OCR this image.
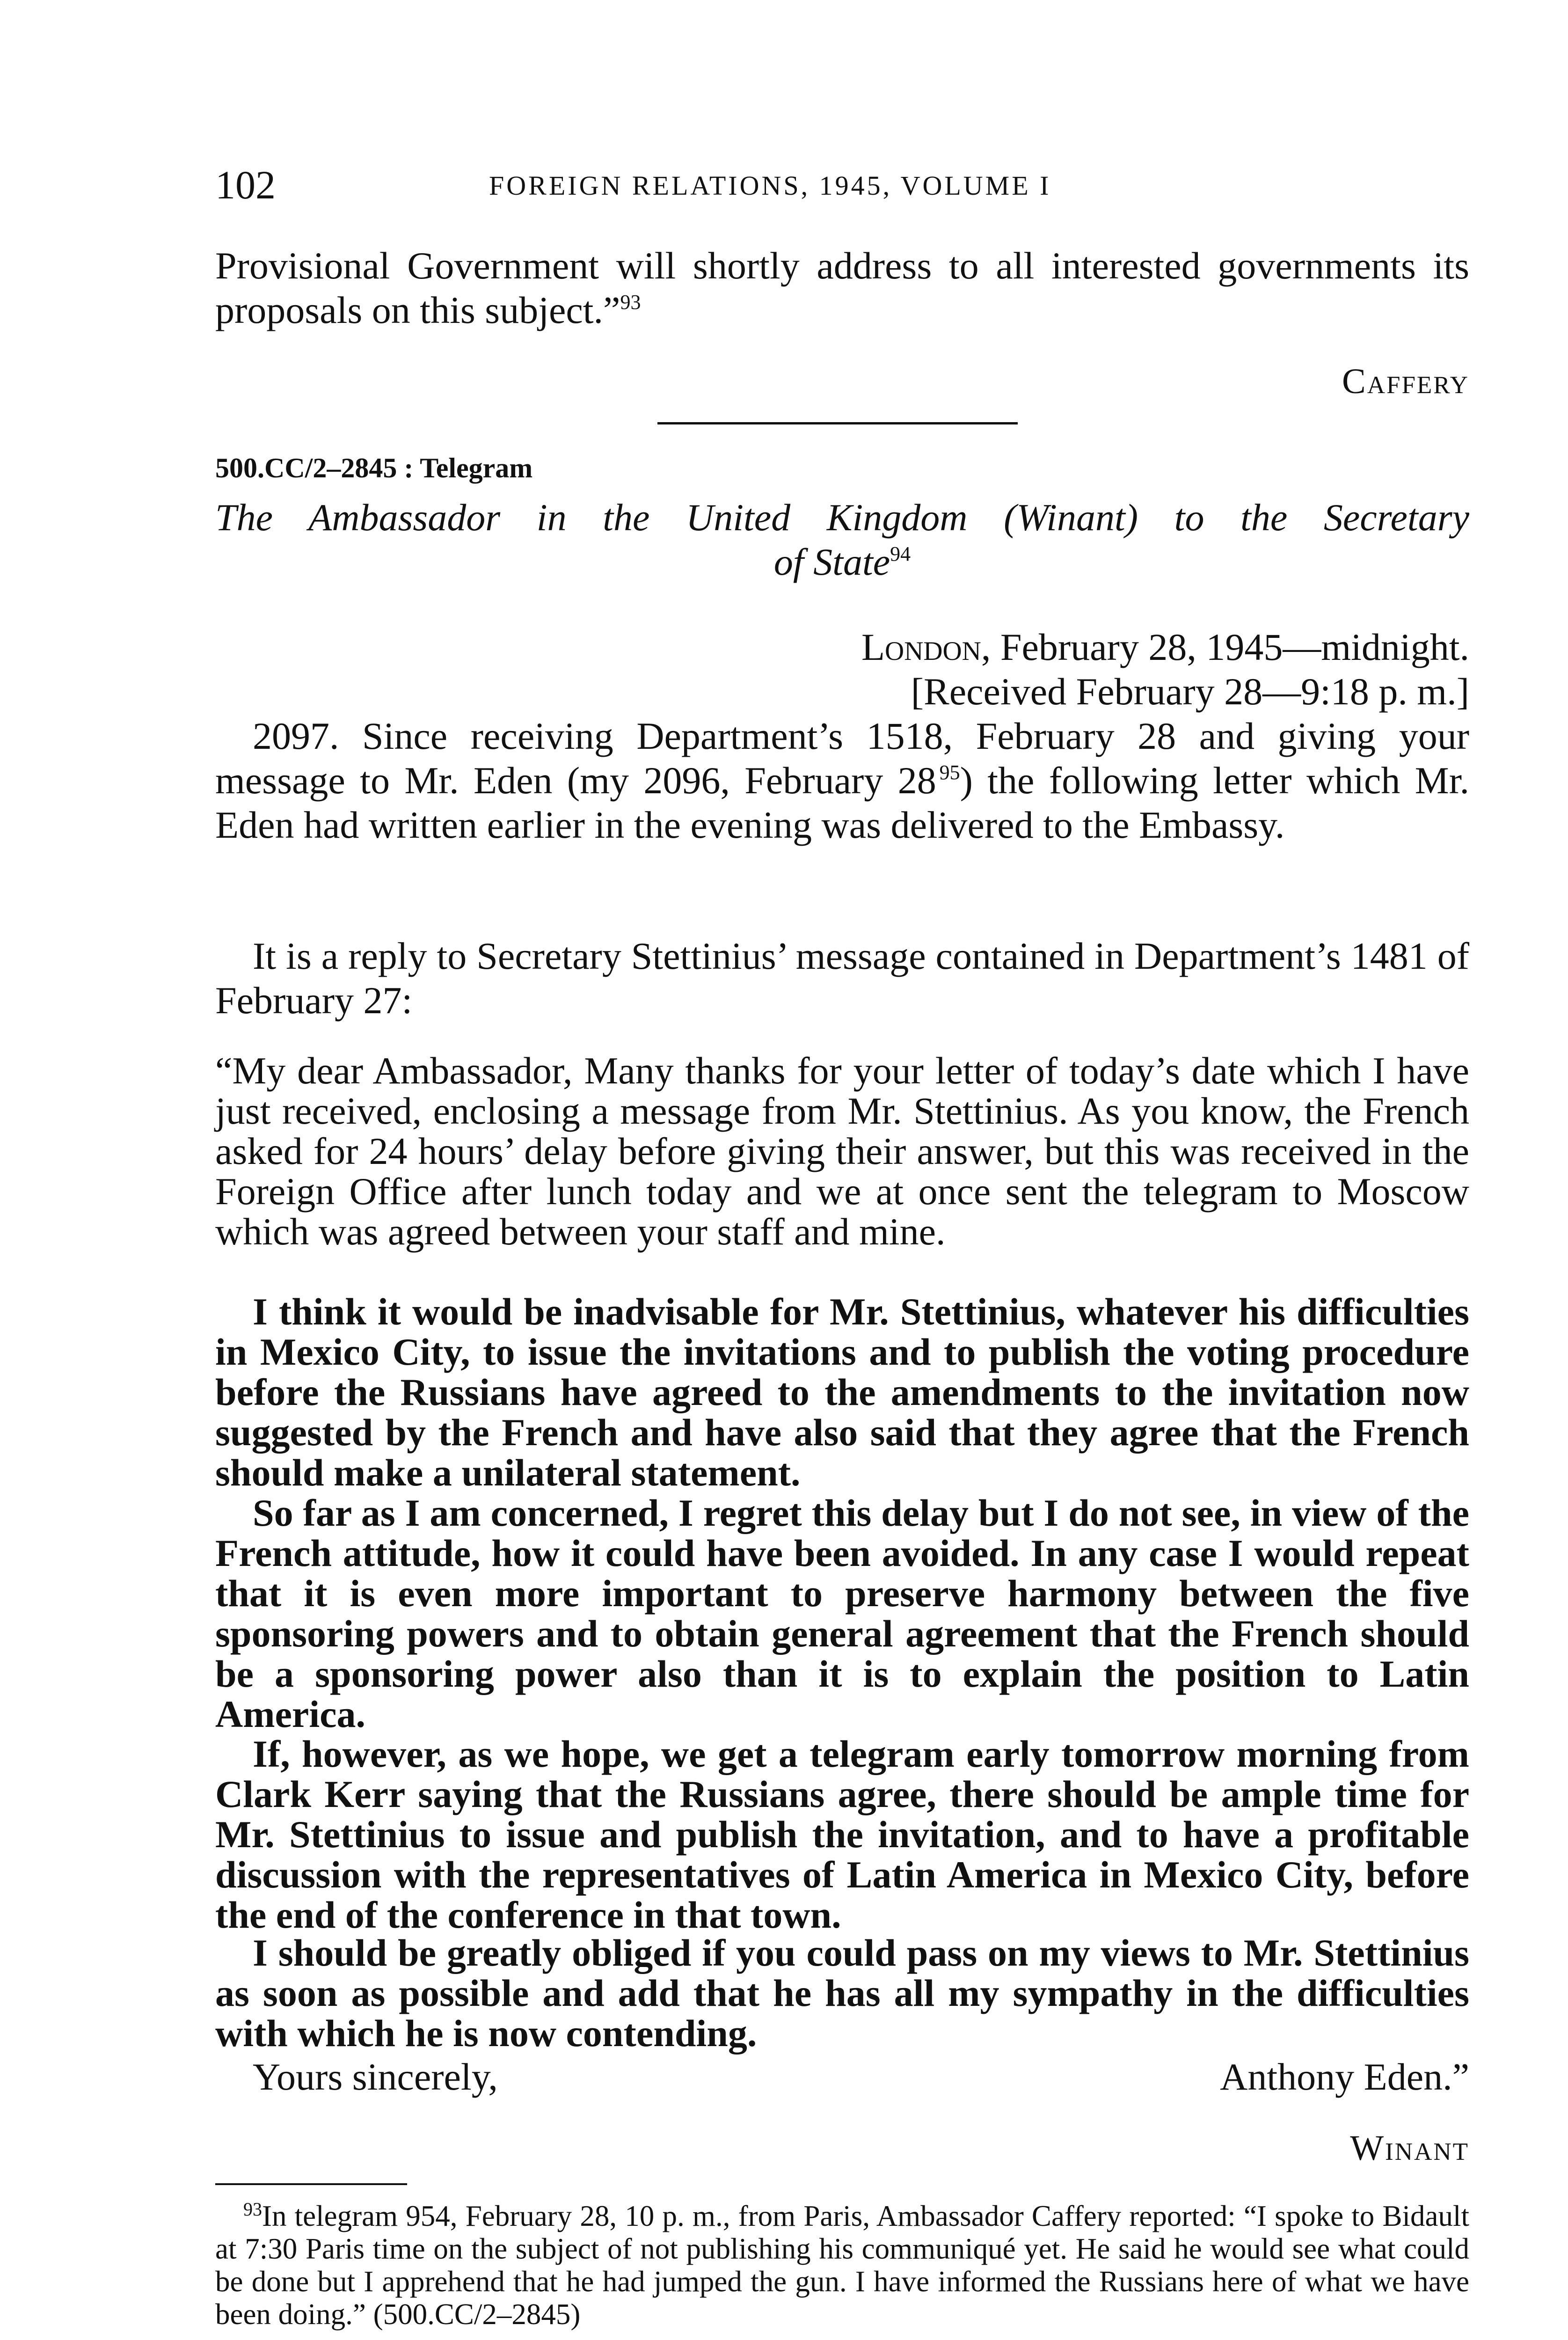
102	FOREIGN RELATIONS, 1945, VOLUME I

Provisional Government will shortly address to all interested governments its proposals on this subject.”$^{93}$

Caffery
500.CC/2–2845 : Telegram
The Ambassador in the United Kingdom (Winant) to the Secretary
of State$^{94}$
London, February 28, 1945—midnight.
[Received February 28—9:18 p. m.]

2097. Since receiving Department’s 1518, February 28 and giving your message to Mr. Eden (my 2096, February 28  $^{95}$) the following letter which Mr. Eden had written earlier in the evening was delivered to the Embassy.

It is a reply to Secretary Stettinius’ message contained in Department’s 1481 of February 27:

“My dear Ambassador, Many thanks for your letter of today’s date which I have just received, enclosing a message from Mr. Stettinius. As you know, the French asked for 24 hours’ delay before giving their answer, but this was received in the Foreign Office after lunch today and we at once sent the telegram to Moscow which was agreed between your staff and mine.

I think it would be inadvisable for Mr. Stettinius, whatever his difficulties in Mexico City, to issue the invitations and to publish the voting procedure before the Russians have agreed to the amendments to the invitation now suggested by the French and have also said that they agree that the French should make a unilateral statement.

So far as I am concerned, I regret this delay but I do not see, in view of the French attitude, how it could have been avoided. In any case I would repeat that it is even more important to preserve harmony between the five sponsoring powers and to obtain general agreement that the French should be a sponsoring power also than it is to explain the position to Latin America.

If, however, as we hope, we get a telegram early tomorrow morning from Clark Kerr saying that the Russians agree, there should be ample time for Mr. Stettinius to issue and publish the invitation, and to have a profitable discussion with the representatives of Latin America in Mexico City, before the end of the conference in that town.

I should be greatly obliged if you could pass on my views to Mr. Stettinius as soon as possible and add that he has all my sympathy in the difficulties with which he is now contending.

Yours sincerely,	Anthony Eden.”
Winant

$^{93}$In telegram 954, February 28, 10 p. m., from Paris, Ambassador Caffery reported: “I spoke to Bidault at 7:30 Paris time on the subject of not publishing his communiqué yet. He said he would see what could be done but I apprehend that he had jumped the gun. I have informed the Russians here of what we have been doing.” (500.CC/2–2845)
